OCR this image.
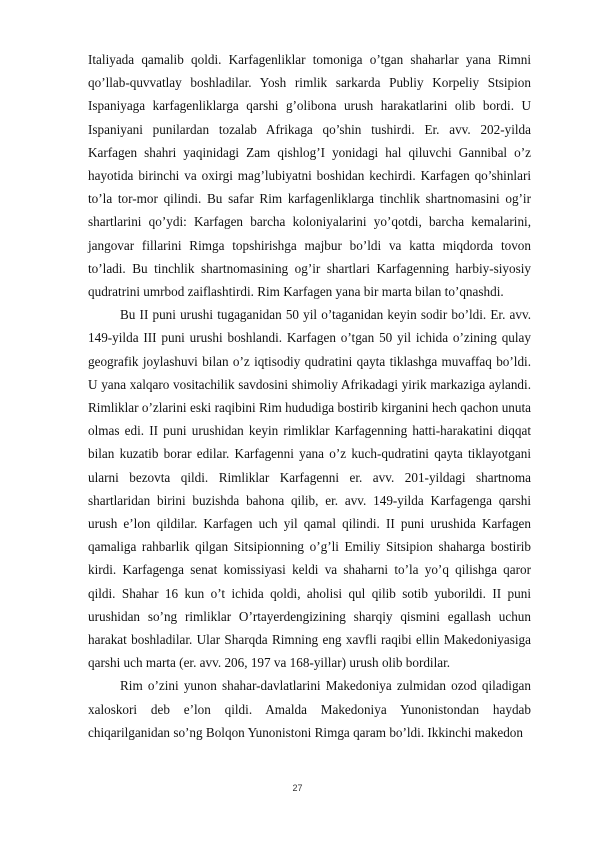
Italiyada qamalib qoldi. Karfagenliklar tomoniga o’tgan shaharlar yana Rimni qo’llab-quvvatlay boshladilar. Yosh rimlik sarkarda Publiy Korpeliy Stsipion Ispaniyaga karfagenliklarga qarshi g’olibona urush harakatlarini olib bordi. U Ispaniyani punilardan tozalab Afrikaga qo’shin tushirdi. Er. avv. 202-yilda Karfagen shahri yaqinidagi Zam qishlog’I yonidagi hal qiluvchi Gannibal o’z hayotida birinchi va oxirgi mag’lubiyatni boshidan kechirdi. Karfagen qo’shinlari to’la tor-mor qilindi. Bu safar Rim karfagenliklarga tinchlik shartnomasini og’ir shartlarini qo’ydi: Karfagen barcha koloniyalarini yo’qotdi, barcha kemalarini, jangovar fillarini Rimga topshirishga majbur bo’ldi va katta miqdorda tovon to’ladi. Bu tinchlik shartnomasining og’ir shartlari Karfagenning harbiy-siyosiy qudratrini umrbod zaiflashtirdi. Rim Karfagen yana bir marta bilan to’qnashdi.

Bu II puni urushi tugaganidan 50 yil o’taganidan keyin sodir bo’ldi. Er. avv. 149-yilda III puni urushi boshlandi. Karfagen o’tgan 50 yil ichida o’zining qulay geografik joylashuvi bilan o’z iqtisodiy qudratini qayta tiklashga muvaffaq bo’ldi. U yana xalqaro vositachilik savdosini shimoliy Afrikadagi yirik markaziga aylandi. Rimliklar o’zlarini eski raqibini Rim hududiga bostirib kirganini hech qachon unuta olmas edi. II puni urushidan keyin rimliklar Karfagenning hatti-harakatini diqqat bilan kuzatib borar edilar. Karfagenni yana o’z kuch-qudratini qayta tiklayotgani ularni bezovta qildi. Rimliklar Karfagenni er. avv. 201-yildagi shartnoma shartlaridan birini buzishda bahona qilib, er. avv. 149-yilda Karfagenga qarshi urush e’lon qildilar. Karfagen uch yil qamal qilindi. II puni urushida Karfagen qamaliga rahbarlik qilgan Sitsipionning o’g’li Emiliy Sitsipion shaharga bostirib kirdi. Karfagenga senat komissiyasi keldi va shaharni to’la yo’q qilishga qaror qildi. Shahar 16 kun o’t ichida qoldi, aholisi qul qilib sotib yuborildi. II puni urushidan so’ng rimliklar O’rtayerdengizining sharqiy qismini egallash uchun harakat boshladilar. Ular Sharqda Rimning eng xavfli raqibi ellin Makedoniyasiga qarshi uch marta (er. avv. 206, 197 va 168-yillar) urush olib bordilar.

Rim o’zini yunon shahar-davlatlarini Makedoniya zulmidan ozod qiladigan xaloskori deb e’lon qildi. Amalda Makedoniya Yunonistondan haydab chiqarilganidan so’ng Bolqon Yunonistoni Rimga qaram bo’ldi. Ikkinchi makedon

27
